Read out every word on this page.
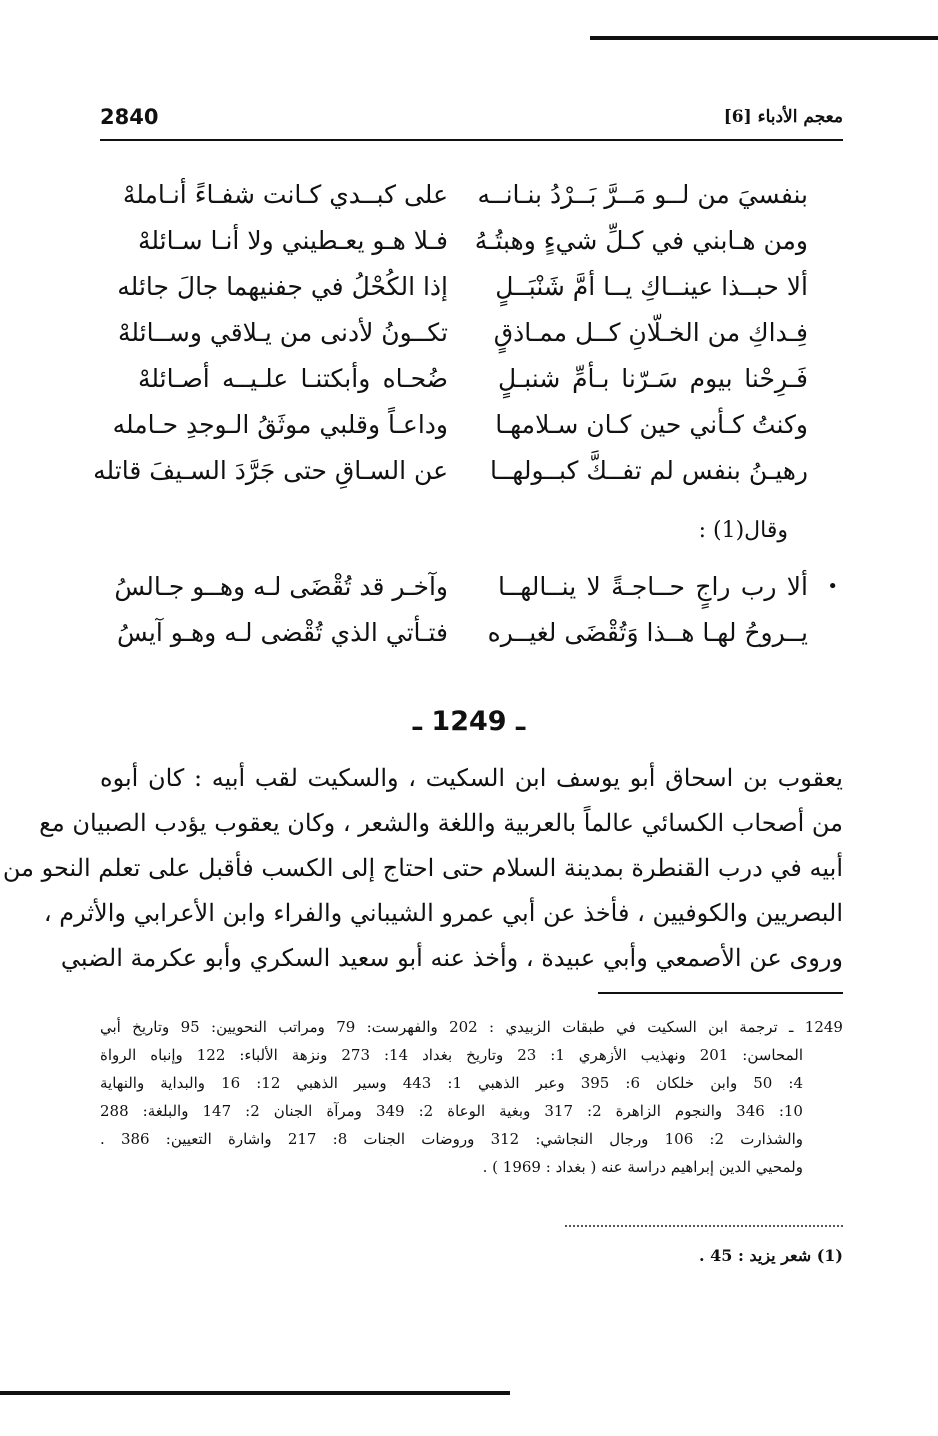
2840	معجم الأدباء [6]
بنفسيَ من لــو مَــرَّ بَــرْدُ بنـانــه
على كبــدي كـانت شفـاءً أنـاملهْ
ومن هـابني في كـلِّ شيءٍ وهبتُـهُ
فـلا هـو يعـطيني ولا أنـا سـائلهْ
ألا حبــذا عينــاكِ يــا أمَّ شَنْبَــلٍ
إذا الكُحْلُ في جفنيهما جالَ جائله
فِـداكِ من الخـلّانِ كــل ممـاذقٍ
تكــونُ لأدنى من يـلاقي وســائلهْ
فَـرِحْنا بيوم سَـرّنا بـأمِّ شنبـلٍ
ضُحـاه وأبكتنـا علـيــه أصـائلهْ
وكنتُ كـأني حين كـان سـلامهـا
وداعـاً وقلبي موثَقُ الـوجدِ حـامله
رهيـنُ بنفس لم تفــكَّ كبــولهــا
عن السـاقِ حتى جَرَّدَ السـيفَ قاتله
وقال(1) :
•
ألا رب راجٍ حــاجـةً لا ينــالهــا
وآخـر قد تُقْضَى لـه وهــو جـالسُ
يــروحُ لهـا هــذا وَتُقْضَى لغيــره
فتـأتي الذي تُقْضى لـه وهـو آيسُ
ـ 1249 ـ
يعقوب بن اسحاق أبو يوسف ابن السكيت ، والسكيت لقب أبيه : كان أبوه
من أصحاب الكسائي عالماً بالعربية واللغة والشعر ، وكان يعقوب يؤدب الصبيان مع
أبيه في درب القنطرة بمدينة السلام حتى احتاج إلى الكسب فأقبل على تعلم النحو من
البصريين والكوفيين ، فأخذ عن أبي عمرو الشيباني والفراء وابن الأعرابي والأثرم ،
وروى عن الأصمعي وأبي عبيدة ، وأخذ عنه أبو سعيد السكري وأبو عكرمة الضبي
1249 ـ ترجمة ابن السكيت في طبقات الزبيدي : 202 والفهرست: 79 ومراتب النحويين: 95 وتاريخ أبي
المحاسن: 201 ونهذيب الأزهري 1: 23 وتاريخ بغداد 14: 273 ونزهة الألباء: 122 وإنباه الرواة
4: 50 وابن خلكان 6: 395 وعبر الذهبي 1: 443 وسير الذهبي 12: 16 والبداية والنهاية
10: 346 والنجوم الزاهرة 2: 317 وبغية الوعاة 2: 349 ومرآة الجنان 2: 147 والبلغة: 288
والشذارت 2: 106 ورجال النجاشي: 312 وروضات الجنات 8: 217 واشارة التعيين: 386 .
ولمحيي الدين إبراهيم دراسة عنه ( بغداد : 1969 ) .
(1) شعر يزيد : 45 .
